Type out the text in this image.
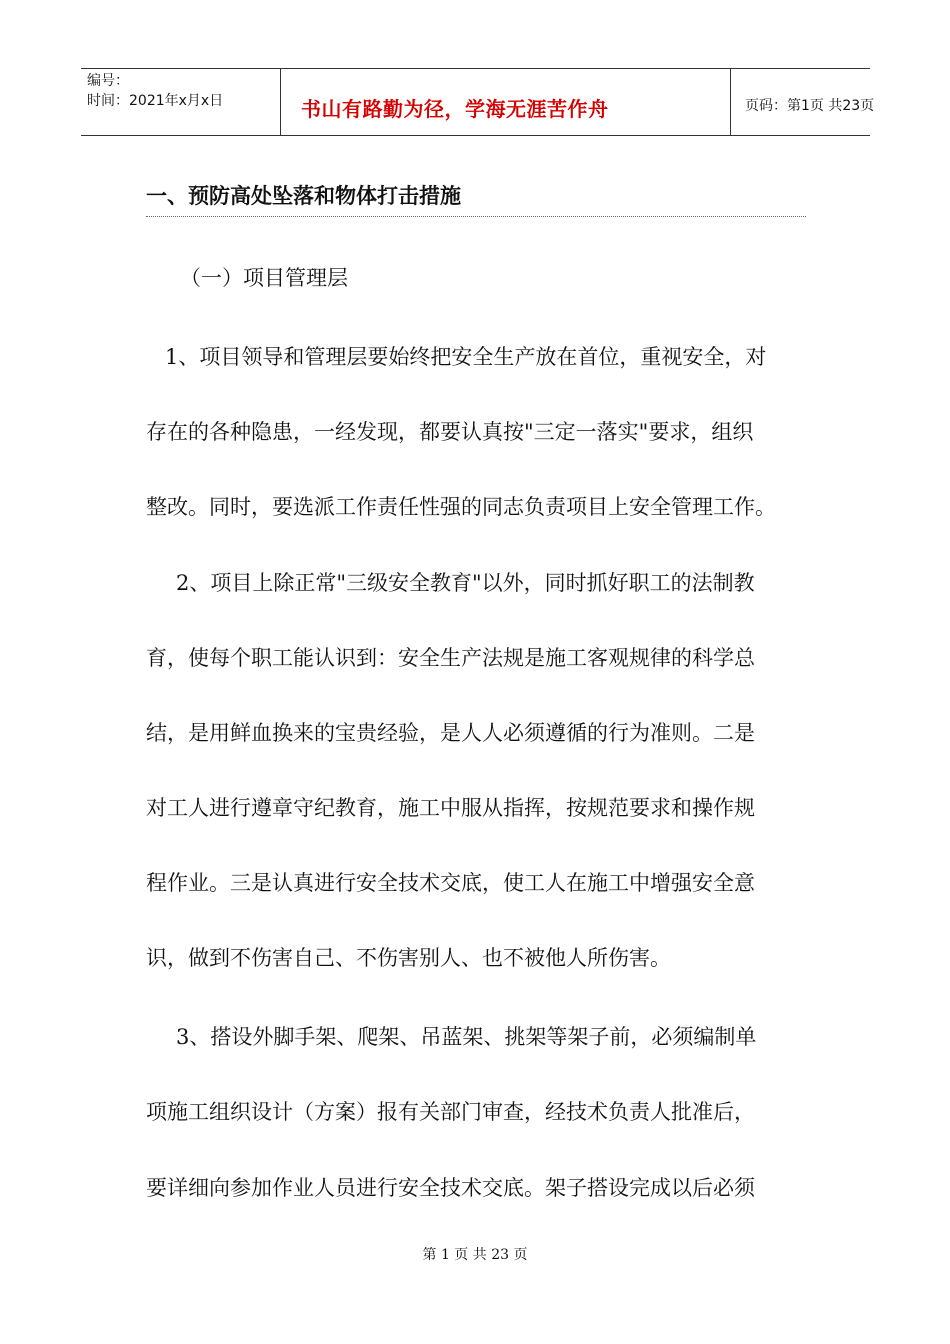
编号：
时间：2021年x月x日	书山有路勤为径，学海无涯苦作舟	页码：第1页 共23页
一、预防高处坠落和物体打击措施
（一）项目管理层
1、项目领导和管理层要始终把安全生产放在首位，重视安全，对
存在的各种隐患，一经发现，都要认真按"三定一落实"要求，组织
整改。同时，要选派工作责任性强的同志负责项目上安全管理工作。
2、项目上除正常"三级安全教育"以外，同时抓好职工的法制教
育，使每个职工能认识到：安全生产法规是施工客观规律的科学总
结，是用鲜血换来的宝贵经验，是人人必须遵循的行为准则。二是
对工人进行遵章守纪教育，施工中服从指挥，按规范要求和操作规
程作业。三是认真进行安全技术交底，使工人在施工中增强安全意
识，做到不伤害自己、不伤害别人、也不被他人所伤害。
3、搭设外脚手架、爬架、吊蓝架、挑架等架子前，必须编制单
项施工组织设计（方案）报有关部门审查，经技术负责人批准后，
要详细向参加作业人员进行安全技术交底。架子搭设完成以后必须
第 1 页 共 23 页
